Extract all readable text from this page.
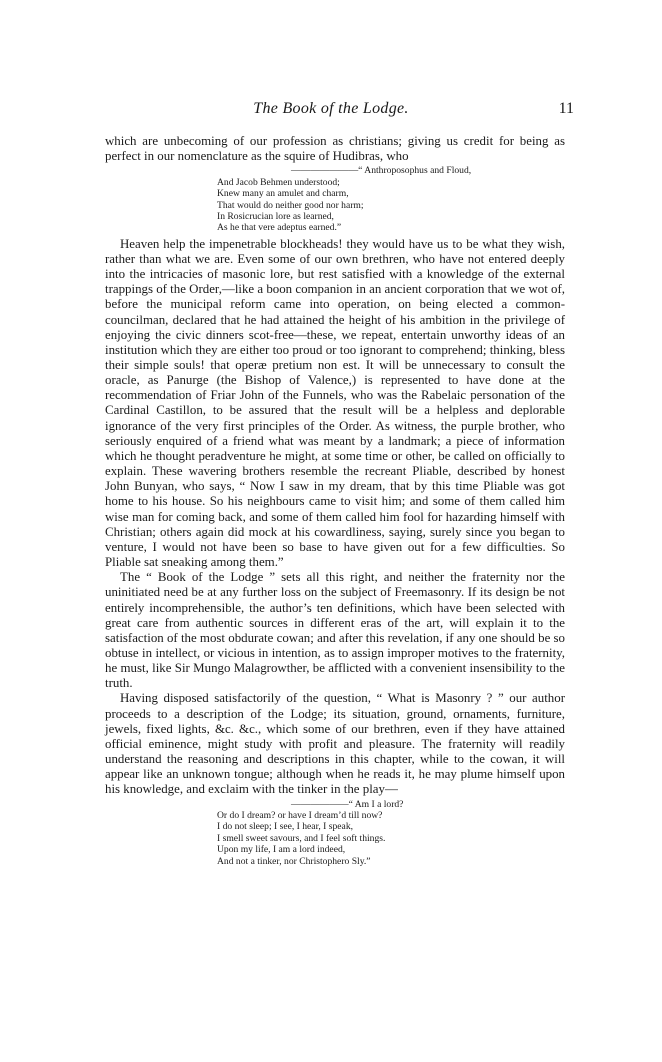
The Book of the Lodge.	11

which are unbecoming of our profession as christians; giving us credit for being as perfect in our nomenclature as the squire of Hudibras, who

———————“ Anthroposophus and Floud,
And Jacob Behmen understood;
Knew many an amulet and charm,
That would do neither good nor harm;
In Rosicrucian lore as learned,
As he that vere adeptus earned.”

Heaven help the impenetrable blockheads! they would have us to be what they wish, rather than what we are. Even some of our own brethren, who have not entered deeply into the intricacies of masonic lore, but rest satisfied with a knowledge of the external trappings of the Order,—like a boon companion in an ancient corporation that we wot of, before the municipal reform came into operation, on being elected a common-councilman, declared that he had attained the height of his ambition in the privilege of enjoying the civic dinners scot-free—these, we repeat, entertain unworthy ideas of an institution which they are either too proud or too ignorant to comprehend; thinking, bless their simple souls! that operæ pretium non est. It will be unnecessary to consult the oracle, as Panurge (the Bishop of Valence,) is represented to have done at the recommendation of Friar John of the Funnels, who was the Rabelaic personation of the Cardinal Castillon, to be assured that the result will be a helpless and deplorable ignorance of the very first principles of the Order. As witness, the purple brother, who seriously enquired of a friend what was meant by a landmark; a piece of information which he thought peradventure he might, at some time or other, be called on officially to explain. These wavering brothers resemble the recreant Pliable, described by honest John Bunyan, who says, “ Now I saw in my dream, that by this time Pliable was got home to his house. So his neighbours came to visit him; and some of them called him wise man for coming back, and some of them called him fool for hazarding himself with Christian; others again did mock at his cowardliness, saying, surely since you began to venture, I would not have been so base to have given out for a few difficulties. So Pliable sat sneaking among them.”

The “ Book of the Lodge ” sets all this right, and neither the fraternity nor the uninitiated need be at any further loss on the subject of Freemasonry. If its design be not entirely incomprehensible, the author’s ten definitions, which have been selected with great care from authentic sources in different eras of the art, will explain it to the satisfaction of the most obdurate cowan; and after this revelation, if any one should be so obtuse in intellect, or vicious in intention, as to assign improper motives to the fraternity, he must, like Sir Mungo Malagrowther, be afflicted with a convenient insensibility to the truth.

Having disposed satisfactorily of the question, “ What is Masonry ? ” our author proceeds to a description of the Lodge; its situation, ground, ornaments, furniture, jewels, fixed lights, &c. &c., which some of our brethren, even if they have attained official eminence, might study with profit and pleasure. The fraternity will readily understand the reasoning and descriptions in this chapter, while to the cowan, it will appear like an unknown tongue; although when he reads it, he may plume himself upon his knowledge, and exclaim with the tinker in the play—

——————“ Am I a lord?
Or do I dream? or have I dream’d till now?
I do not sleep; I see, I hear, I speak,
I smell sweet savours, and I feel soft things.
Upon my life, I am a lord indeed,
And not a tinker, nor Christophero Sly.”
